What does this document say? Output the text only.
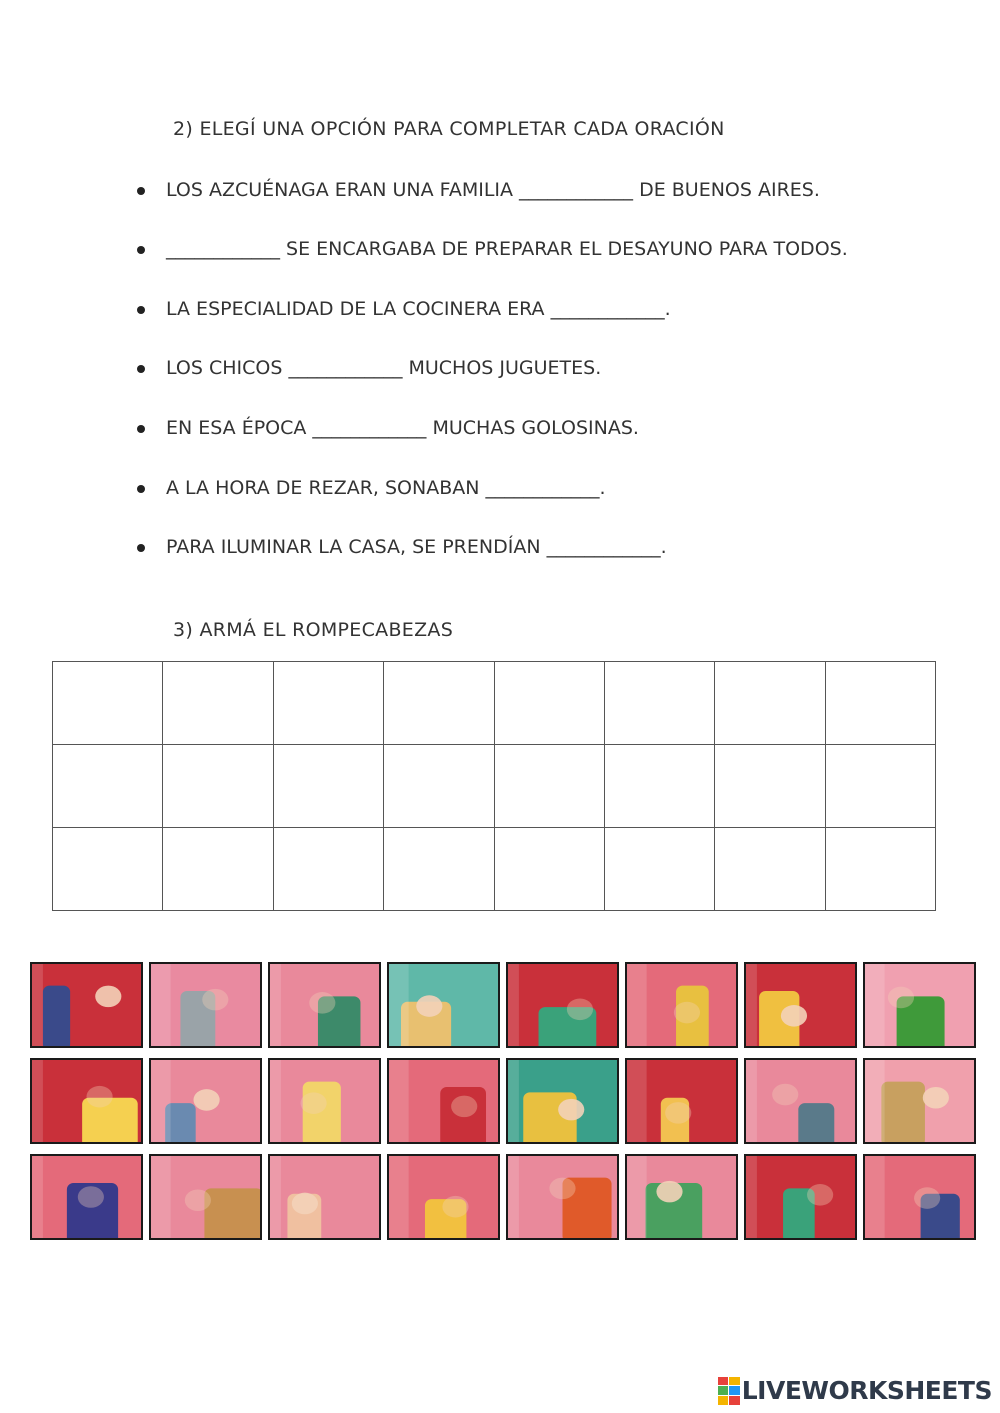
2) ELEGÍ UNA OPCIÓN PARA COMPLETAR CADA ORACIÓN
LOS AZCUÉNAGA ERAN UNA FAMILIA ____________ DE BUENOS AIRES.
____________ SE ENCARGABA DE PREPARAR EL DESAYUNO PARA TODOS.
LA ESPECIALIDAD DE LA COCINERA ERA ____________.
LOS CHICOS ____________ MUCHOS JUGUETES.
EN ESA ÉPOCA ____________ MUCHAS GOLOSINAS.
A LA HORA DE REZAR, SONABAN ____________.
PARA ILUMINAR LA CASA, SE PRENDÍAN ____________.
3) ARMÁ EL ROMPECABEZAS
LIVEWORKSHEETS
